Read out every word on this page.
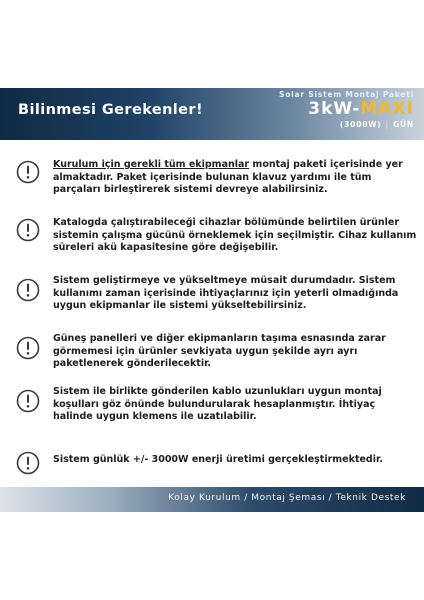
Bilinmesi Gerekenler!
Solar Sistem Montaj Paketi
3kW-MAXI
(3000W) | GÜN
Kurulum için gerekli tüm ekipmanlar montaj paketi içerisinde yer almaktadır. Paket içerisinde bulunan klavuz yardımı ile tüm parçaları birleştirerek sistemi devreye alabilirsiniz.
Katalogda çalıştırabileceği cihazlar bölümünde belirtilen ürünler sistemin çalışma gücünü örneklemek için seçilmiştir. Cihaz kullanım süreleri akü kapasitesine göre değişebilir.
Sistem geliştirmeye ve yükseltmeye müsait durumdadır. Sistem kullanımı zaman içerisinde ihtiyaçlarınız için yeterli olmadığında uygun ekipmanlar ile sistemi yükseltebilirsiniz.
Güneş panelleri ve diğer ekipmanların taşıma esnasında zarar görmemesi için ürünler sevkiyata uygun şekilde ayrı ayrı paketlenerek gönderilecektir.
Sistem ile birlikte gönderilen kablo uzunlukları uygun montaj koşulları göz önünde bulundurularak hesaplanmıştır. İhtiyaç halinde uygun klemens ile uzatılabilir.
Sistem günlük +/- 3000W enerji üretimi gerçekleştirmektedir.
Kolay Kurulum / Montaj Şeması / Teknik Destek
